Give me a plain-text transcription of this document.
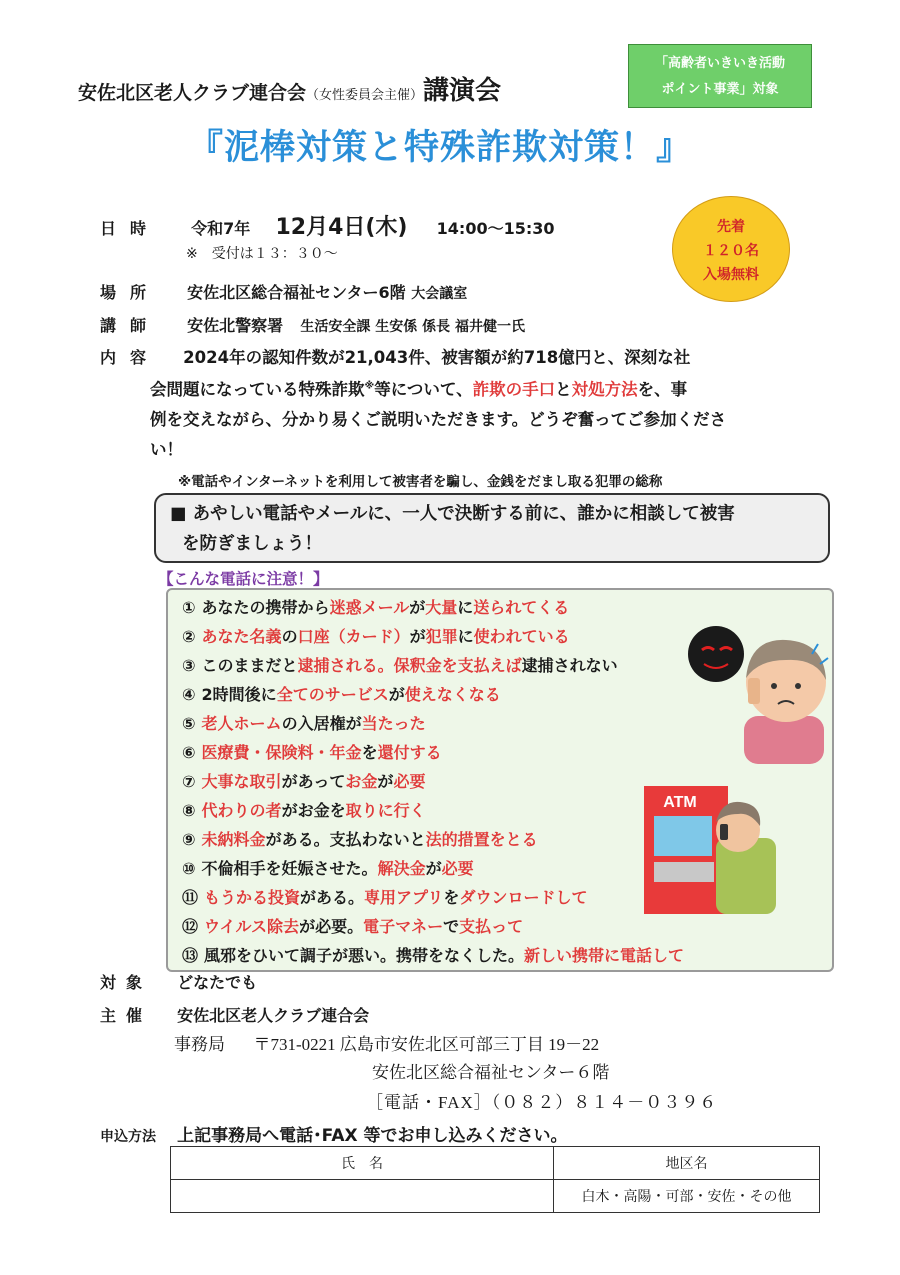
安佐北区老人クラブ連合会（女性委員会主催）講演会
「高齢者いきいき活動
ポイント事業」対象
『泥棒対策と特殊詐欺対策！』
先着
１２０名
入場無料
日時 令和7年 12月4日(木) 14:00〜15:30
※　受付は１３：３０〜
場所 安佐北区総合福祉センター6階 大会議室
講師 安佐北警察署 生活安全課 生安係 係長 福井健一氏
内容 2024年の認知件数が21,043件、被害額が約718億円と、深刻な社
会問題になっている特殊詐欺※等について、詐欺の手口と対処方法を、事
例を交えながら、分かり易くご説明いただきます。どうぞ奮ってご参加くださ
い！
※電話やインターネットを利用して被害者を騙し、金銭をだまし取る犯罪の総称
■ あやしい電話やメールに、一人で決断する前に、誰かに相談して被害
を防ぎましょう！
【こんな電話に注意！】
① あなたの携帯から迷惑メールが大量に送られてくる
② あなた名義の口座（カード）が犯罪に使われている
③ このままだと逮捕される。保釈金を支払えば逮捕されない
④ 2時間後に全てのサービスが使えなくなる
⑤ 老人ホームの入居権が当たった
⑥ 医療費・保険料・年金を還付する
⑦ 大事な取引があってお金が必要
⑧ 代わりの者がお金を取りに行く
⑨ 未納料金がある。支払わないと法的措置をとる
⑩ 不倫相手を妊娠させた。解決金が必要
⑪ もうかる投資がある。専用アプリをダウンロードして
⑫ ウイルス除去が必要。電子マネーで支払って
⑬ 風邪をひいて調子が悪い。携帯をなくした。新しい携帯に電話して
ATM
対象 どなたでも
主催 安佐北区老人クラブ連合会
事務局 〒731-0221 広島市安佐北区可部三丁目 19－22
安佐北区総合福祉センター６階
［電話・FAX］（０８２）８１４－０３９６
申込方法 上記事務局へ電話･FAX 等でお申し込みください。
氏　名	地区名
	白木・高陽・可部・安佐・その他
